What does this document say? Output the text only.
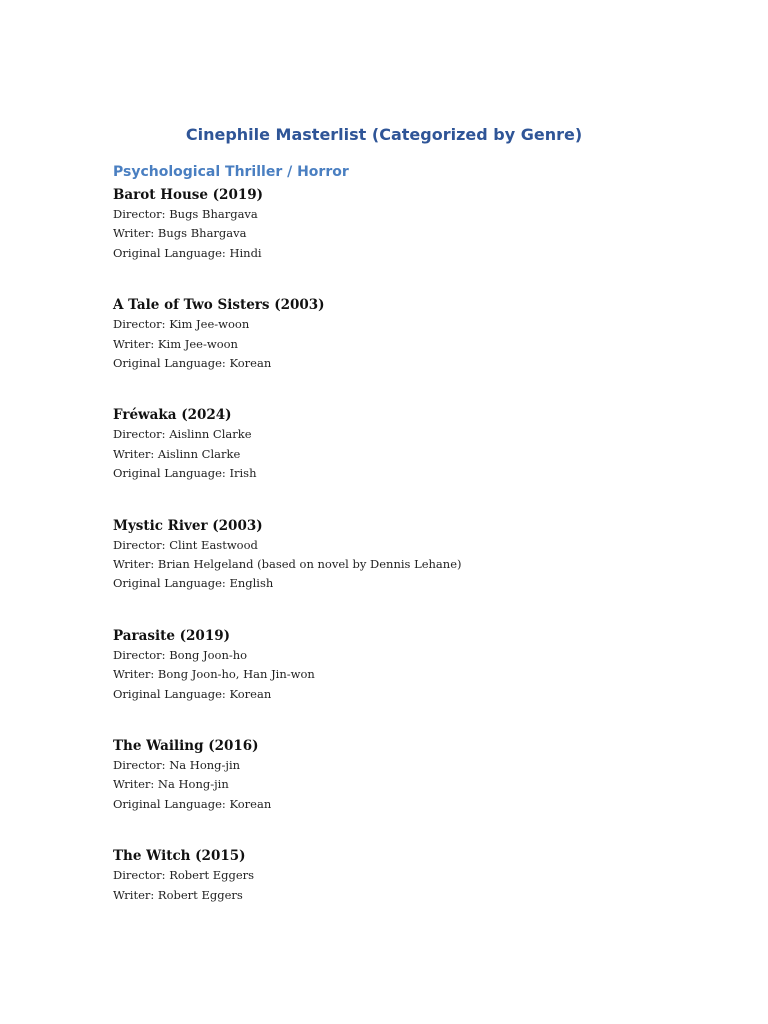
Cinephile Masterlist (Categorized by Genre)
Psychological Thriller / Horror
Barot House (2019)
Director: Bugs Bhargava
Writer: Bugs Bhargava
Original Language: Hindi
A Tale of Two Sisters (2003)
Director: Kim Jee-woon
Writer: Kim Jee-woon
Original Language: Korean
Fréwaka (2024)
Director: Aislinn Clarke
Writer: Aislinn Clarke
Original Language: Irish
Mystic River (2003)
Director: Clint Eastwood
Writer: Brian Helgeland (based on novel by Dennis Lehane)
Original Language: English
Parasite (2019)
Director: Bong Joon-ho
Writer: Bong Joon-ho, Han Jin-won
Original Language: Korean
The Wailing (2016)
Director: Na Hong-jin
Writer: Na Hong-jin
Original Language: Korean
The Witch (2015)
Director: Robert Eggers
Writer: Robert Eggers
